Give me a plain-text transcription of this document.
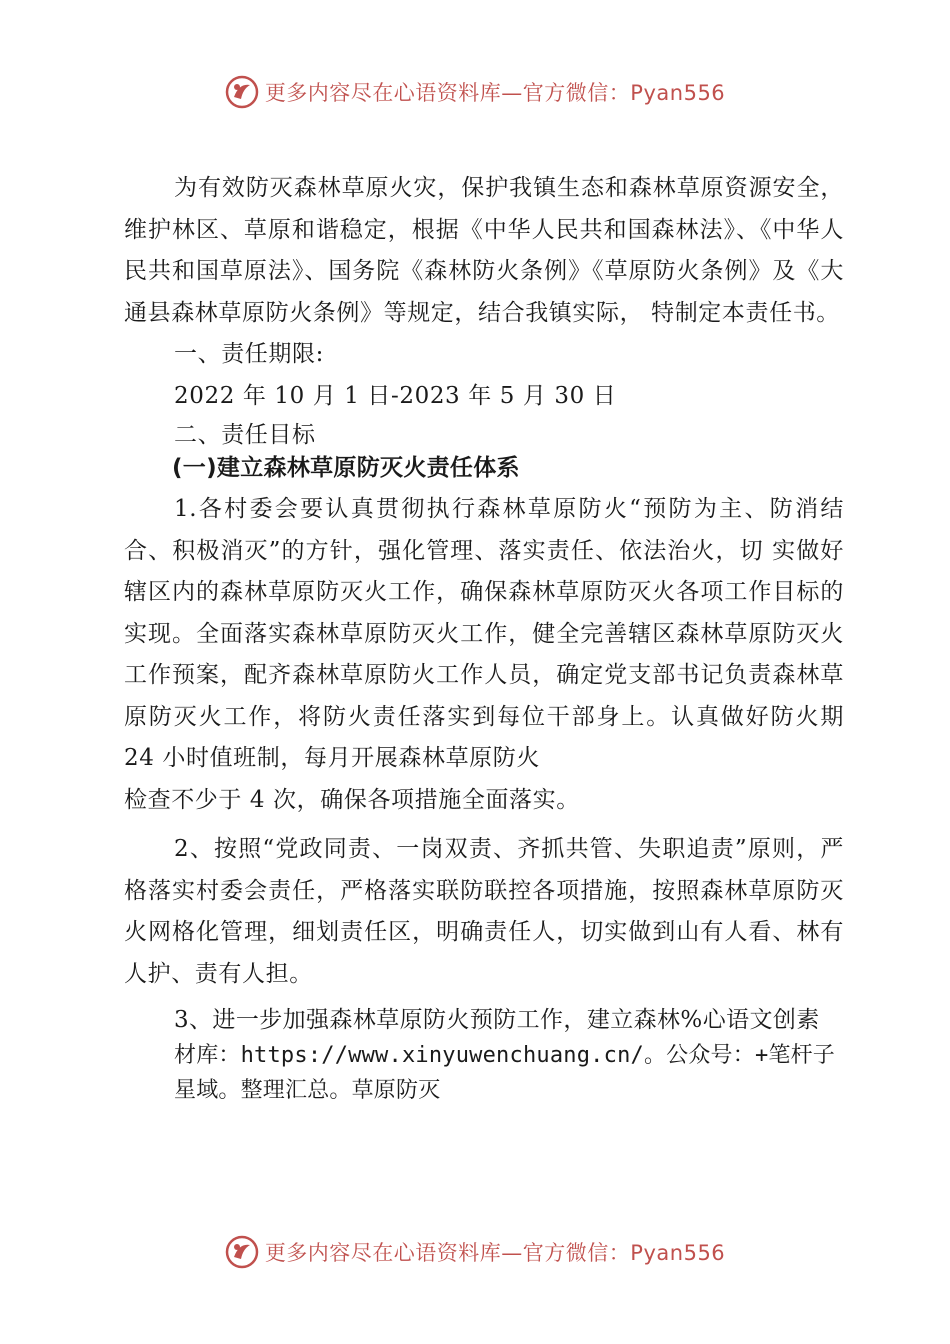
更多内容尽在心语资料库—官方微信：Pyan556

为有效防灭森林草原火灾，保护我镇生态和森林草原资源安全，维护林区、草原和谐稳定，根据《中华人民共和国森林法》、《中华人民共和国草原法》、国务院《森林防火条例》《草原防火条例》及《大通县森林草原防火条例》等规定，结合我镇实际， 特制定本责任书。

一、责任期限:

2022 年 10 月 1 日-2023 年 5 月 30 日

二、责任目标

(一)建立森林草原防灭火责任体系

1.各村委会要认真贯彻执行森林草原防火“预防为主、防消结合、积极消灭”的方针，强化管理、落实责任、依法治火，切 实做好辖区内的森林草原防灭火工作，确保森林草原防灭火各项工作目标的实现。全面落实森林草原防灭火工作，健全完善辖区森林草原防灭火工作预案，配齐森林草原防火工作人员，确定党支部书记负责森林草原防灭火工作，将防火责任落实到每位干部身上。认真做好防火期 24 小时值班制，每月开展森林草原防火

检查不少于 4 次，确保各项措施全面落实。

2、按照“党政同责、一岗双责、齐抓共管、失职追责”原则，严格落实村委会责任，严格落实联防联控各项措施，按照森林草原防灭火网格化管理，细划责任区，明确责任人，切实做到山有人看、林有人护、责有人担。

3、进一步加强森林草原防火预防工作，建立森林%心语文创素

材库：https://www.xinyuwenchuang.cn/。公众号：+笔杆子

星域。整理汇总。草原防灭

更多内容尽在心语资料库—官方微信：Pyan556
